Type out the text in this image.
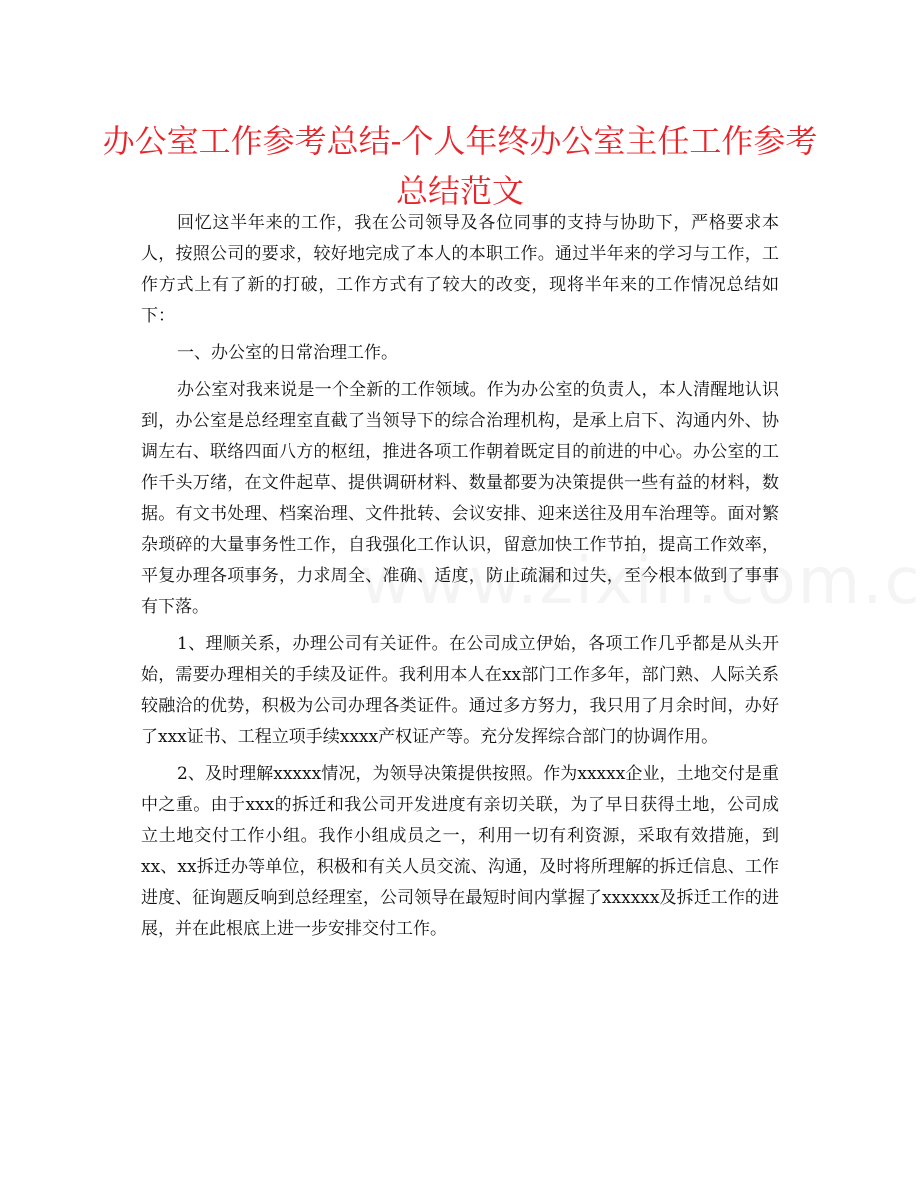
办公室工作参考总结-个人年终办公室主任工作参考总结范文

回忆这半年来的工作，我在公司领导及各位同事的支持与协助下，严格要求本人，按照公司的要求，较好地完成了本人的本职工作。通过半年来的学习与工作，工作方式上有了新的打破，工作方式有了较大的改变，现将半年来的工作情况总结如下：

一、办公室的日常治理工作。

办公室对我来说是一个全新的工作领域。作为办公室的负责人，本人清醒地认识到，办公室是总经理室直截了当领导下的综合治理机构，是承上启下、沟通内外、协调左右、联络四面八方的枢纽，推进各项工作朝着既定目的前进的中心。办公室的工作千头万绪，在文件起草、提供调研材料、数量都要为决策提供一些有益的材料，数据。有文书处理、档案治理、文件批转、会议安排、迎来送往及用车治理等。面对繁杂琐碎的大量事务性工作，自我强化工作认识，留意加快工作节拍，提高工作效率，平复办理各项事务，力求周全、准确、适度，防止疏漏和过失，至今根本做到了事事有下落。

1、理顺关系，办理公司有关证件。在公司成立伊始，各项工作几乎都是从头开始，需要办理相关的手续及证件。我利用本人在xx部门工作多年，部门熟、人际关系较融洽的优势，积极为公司办理各类证件。通过多方努力，我只用了月余时间，办好了xxx证书、工程立项手续xxxx产权证产等。充分发挥综合部门的协调作用。

2、及时理解xxxxx情况，为领导决策提供按照。作为xxxxx企业，土地交付是重中之重。由于xxx的拆迁和我公司开发进度有亲切关联，为了早日获得土地，公司成立土地交付工作小组。我作小组成员之一，利用一切有利资源，采取有效措施，到xx、xx拆迁办等单位，积极和有关人员交流、沟通，及时将所理解的拆迁信息、工作进度、征询题反响到总经理室，公司领导在最短时间内掌握了xxxxxx及拆迁工作的进展，并在此根底上进一步安排交付工作。
